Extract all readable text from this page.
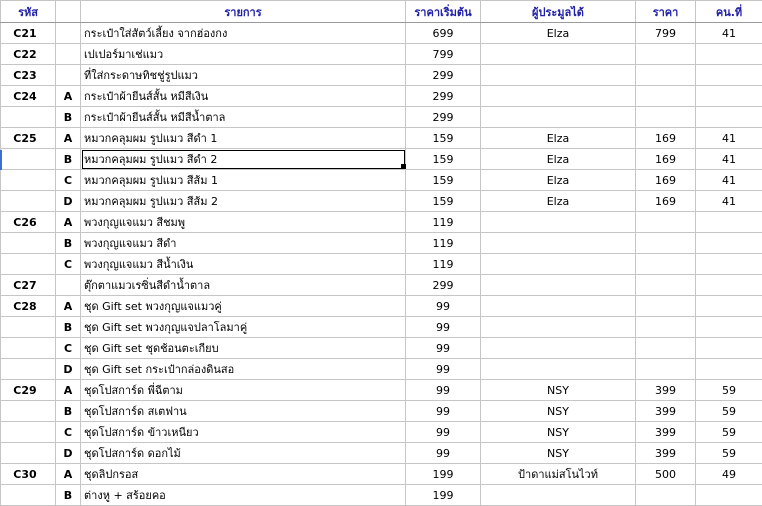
รหัส		รายการ	ราคาเริ่มต้น	ผู้ประมูลได้	ราคา	คน.ที่
C21		กระเป๋าใส่สัตว์เลี้ยง จากฮ่องกง	699	Elza	799	41
C22		เปเปอร์มาเช่แมว	799			
C23		ที่ใส่กระดาษทิชชู่รูปแมว	299			
C24	A	กระเป๋าผ้ายีนส์สั้น หมีสีเงิน	299			
	B	กระเป๋าผ้ายีนส์สั้น หมีสีน้ำตาล	299			
C25	A	หมวกคลุมผม รูปแมว สีดำ 1	159	Elza	169	41
	B	หมวกคลุมผม รูปแมว สีดำ 2	159	Elza	169	41
	C	หมวกคลุมผม รูปแมว สีส้ม 1	159	Elza	169	41
	D	หมวกคลุมผม รูปแมว สีส้ม 2	159	Elza	169	41
C26	A	พวงกุญแจแมว สีชมพู	119			
	B	พวงกุญแจแมว สีดำ	119			
	C	พวงกุญแจแมว สีน้ำเงิน	119			
C27		ตุ๊กตาแมวเรซิ่นสีดำน้ำตาล	299			
C28	A	ชุด Gift set พวงกุญแจแมวคู่	99			
	B	ชุด Gift set พวงกุญแจปลาโลมาคู่	99			
	C	ชุด Gift set ชุดช้อนตะเกียบ	99			
	D	ชุด Gift set กระเป๋ากล่องดินสอ	99			
C29	A	ชุดโปสการ์ด พี่ฉีตาม	99	NSY	399	59
	B	ชุดโปสการ์ด สเตฟาน	99	NSY	399	59
	C	ชุดโปสการ์ด ข้าวเหนียว	99	NSY	399	59
	D	ชุดโปสการ์ด ดอกไม้	99	NSY	399	59
C30	A	ชุดลิปกรอส	199	ป้าดาแม่สโนไวท์	500	49
	B	ต่างหู + สร้อยคอ	199			
